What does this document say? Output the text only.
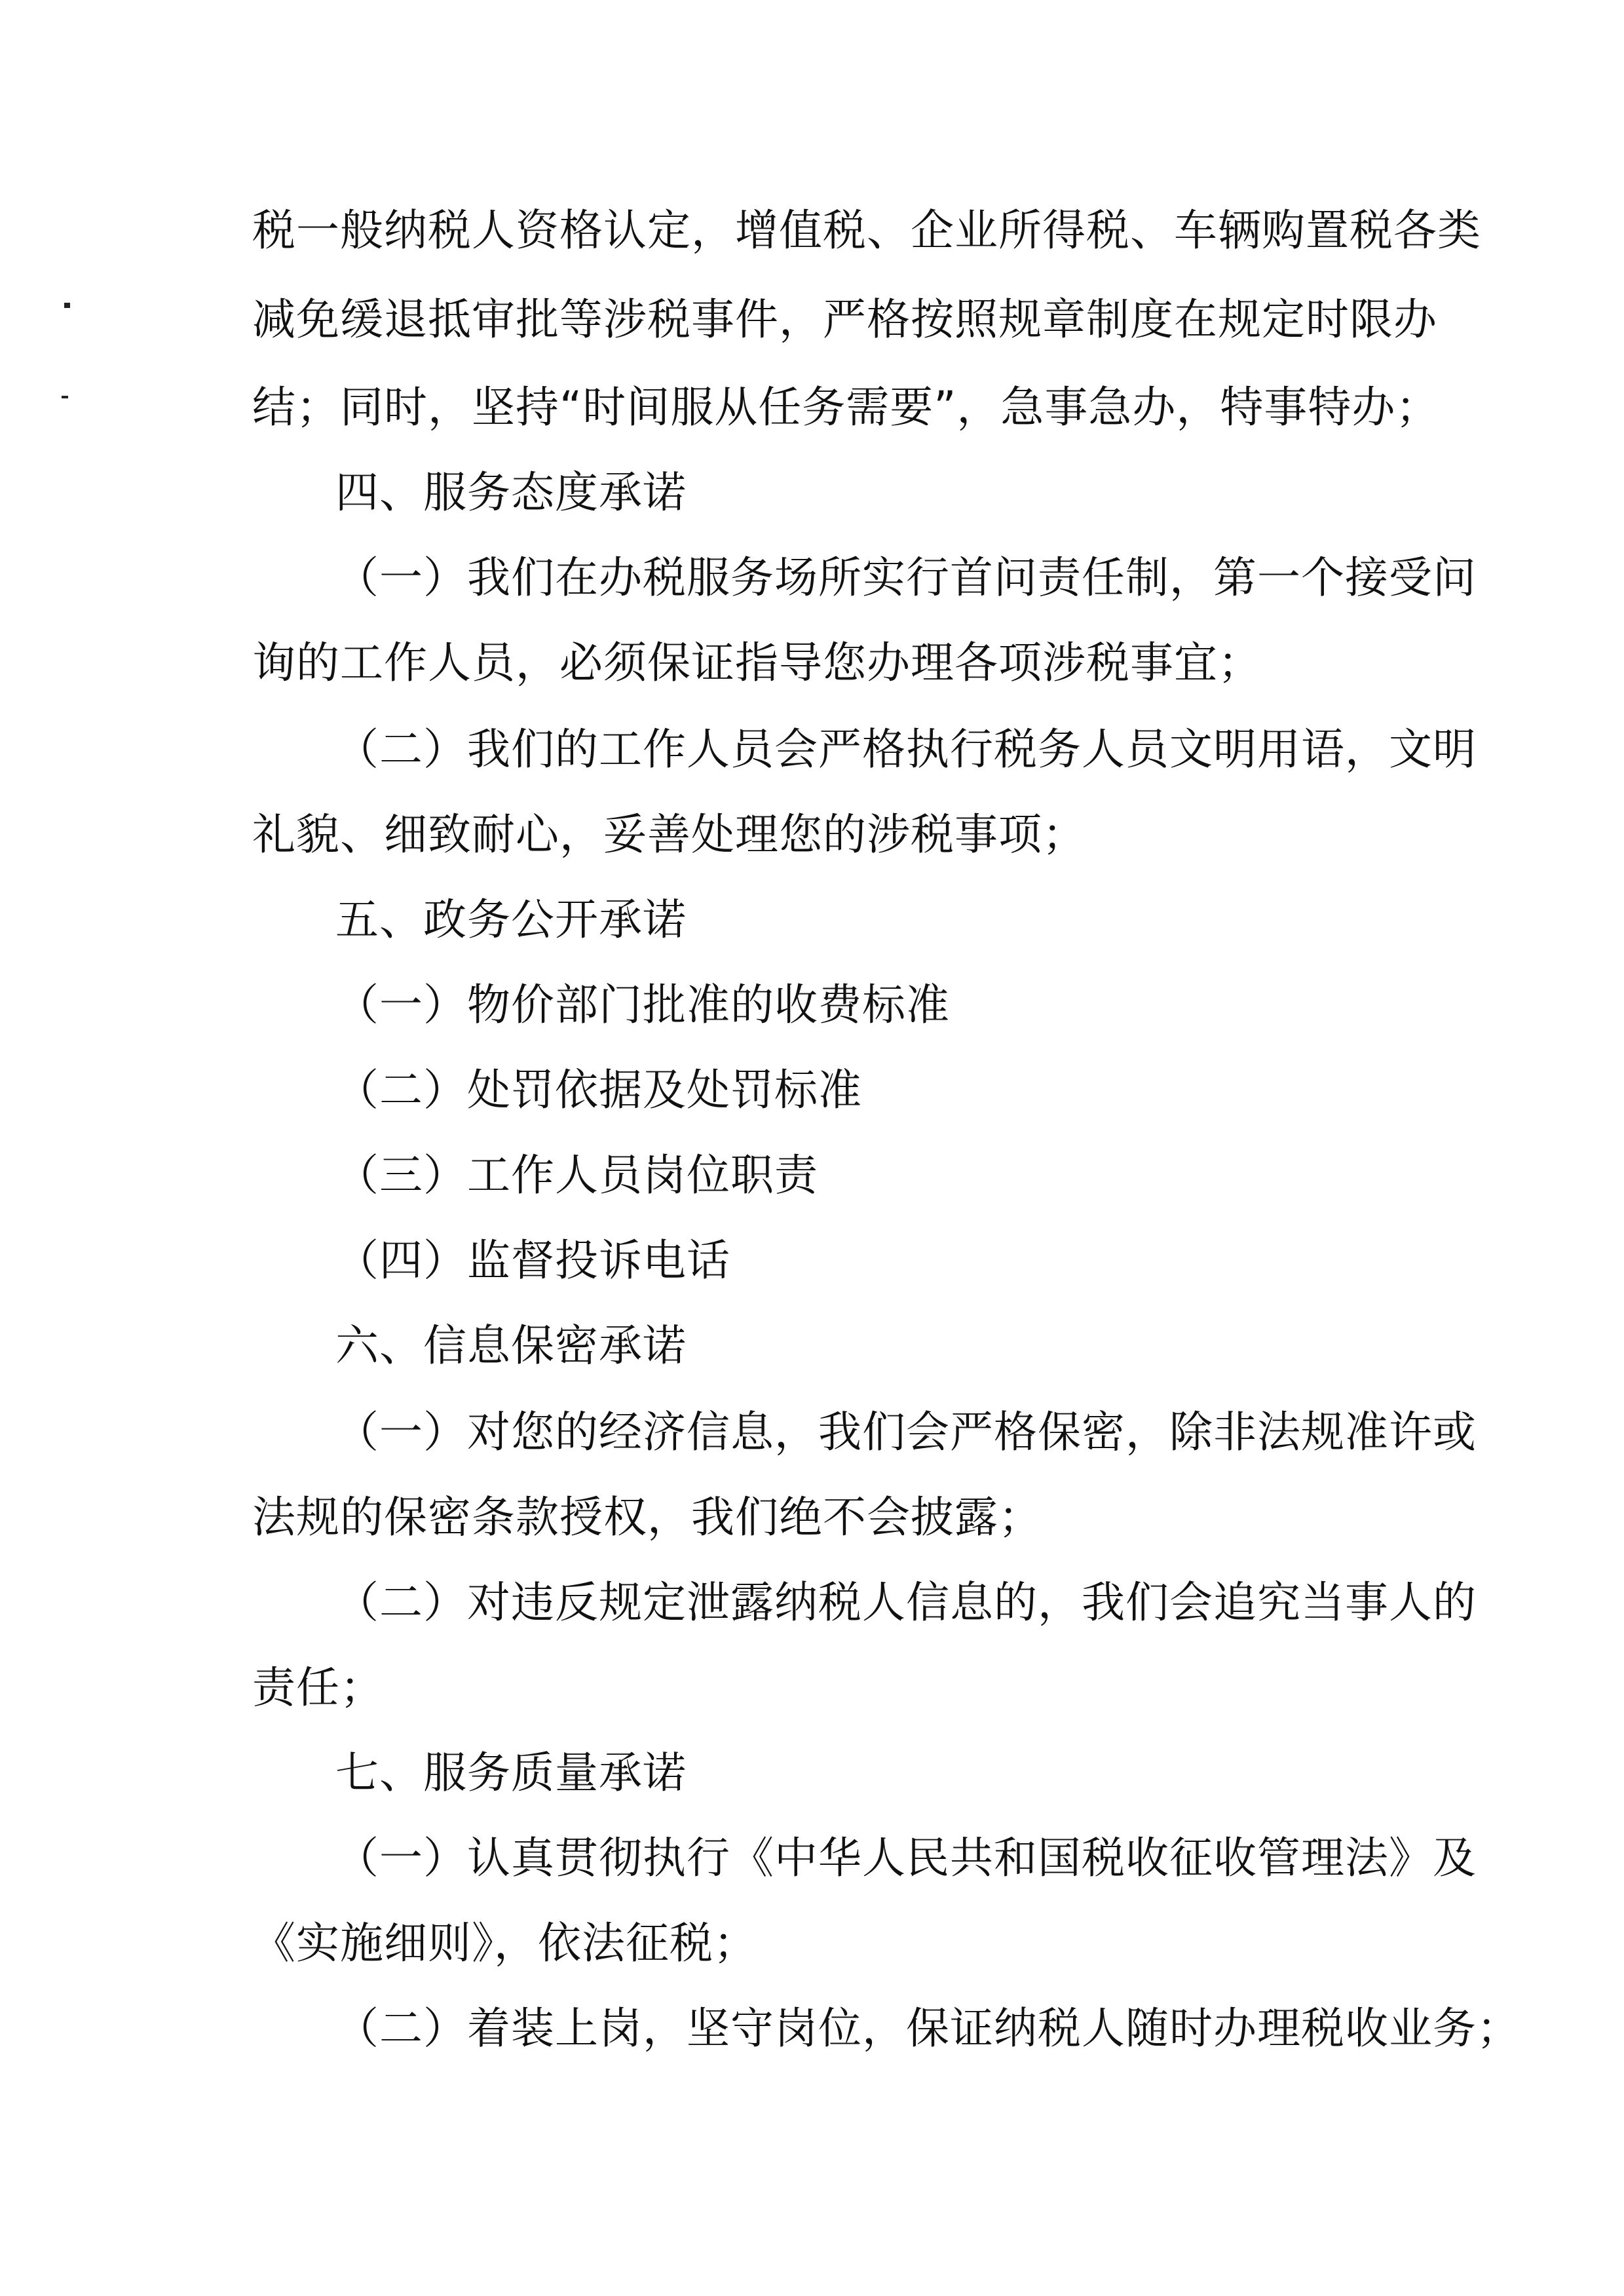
税一般纳税人资格认定，增值税、企业所得税、车辆购置税各类
减免缓退抵审批等涉税事件，严格按照规章制度在规定时限办
结；同时，坚持“时间服从任务需要”，急事急办，特事特办；
四、服务态度承诺
（一）我们在办税服务场所实行首问责任制，第一个接受问
询的工作人员，必须保证指导您办理各项涉税事宜；
（二）我们的工作人员会严格执行税务人员文明用语，文明
礼貌、细致耐心，妥善处理您的涉税事项；
五、政务公开承诺
（一）物价部门批准的收费标准
（二）处罚依据及处罚标准
（三）工作人员岗位职责
（四）监督投诉电话
六、信息保密承诺
（一）对您的经济信息，我们会严格保密，除非法规准许或
法规的保密条款授权，我们绝不会披露；
（二）对违反规定泄露纳税人信息的，我们会追究当事人的
责任；
七、服务质量承诺
（一）认真贯彻执行《中华人民共和国税收征收管理法》及
《实施细则》，依法征税；
（二）着装上岗，坚守岗位，保证纳税人随时办理税收业务；
